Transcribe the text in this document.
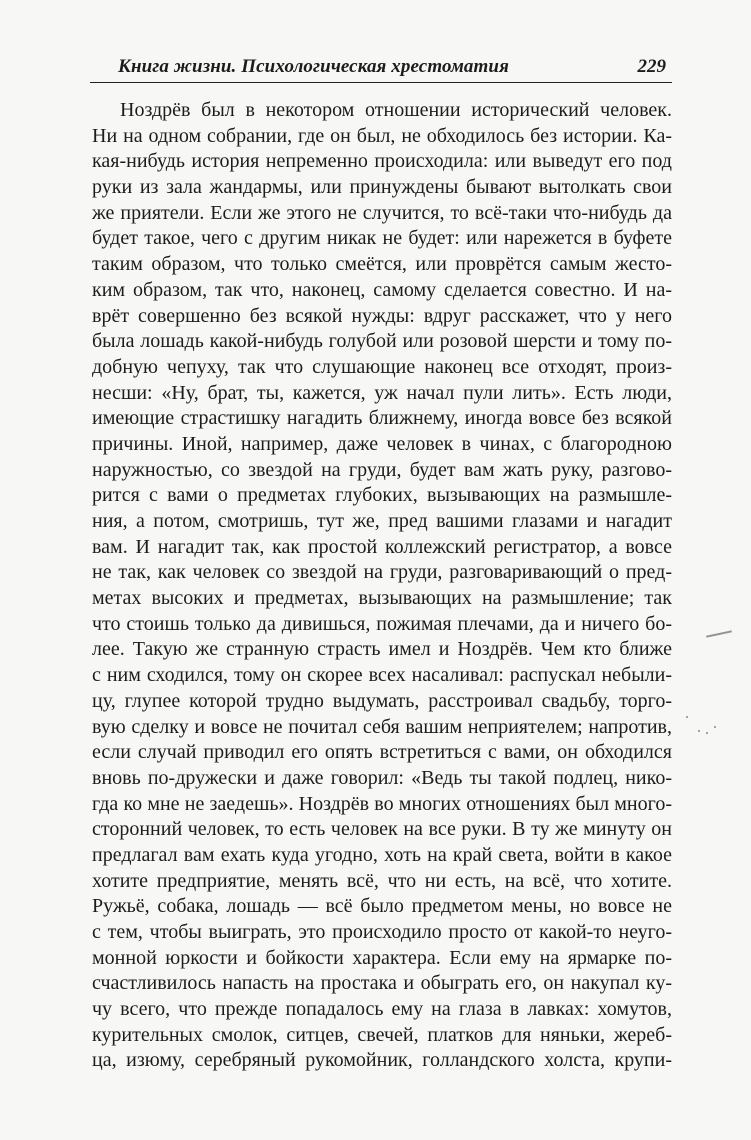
Книга жизни. Психологическая хрестоматия	229
Ноздрёв был в некотором отношении исторический человек.
Ни на одном собрании, где он был, не обходилось без истории. Ка-
кая-нибудь история непременно происходила: или выведут его под
руки из зала жандармы, или принуждены бывают вытолкать свои
же приятели. Если же этого не случится, то всё-таки что-нибудь да
будет такое, чего с другим никак не будет: или нарежется в буфете
таким образом, что только смеётся, или проврётся самым жесто-
ким образом, так что, наконец, самому сделается совестно. И на-
врёт совершенно без всякой нужды: вдруг расскажет, что у него
была лошадь какой-нибудь голубой или розовой шерсти и тому по-
добную чепуху, так что слушающие наконец все отходят, произ-
несши: «Ну, брат, ты, кажется, уж начал пули лить». Есть люди,
имеющие страстишку нагадить ближнему, иногда вовсе без всякой
причины. Иной, например, даже человек в чинах, с благородною
наружностью, со звездой на груди, будет вам жать руку, разгово-
рится с вами о предметах глубоких, вызывающих на размышле-
ния, а потом, смотришь, тут же, пред вашими глазами и нагадит
вам. И нагадит так, как простой коллежский регистратор, а вовсе
не так, как человек со звездой на груди, разговаривающий о пред-
метах высоких и предметах, вызывающих на размышление; так
что стоишь только да дивишься, пожимая плечами, да и ничего бо-
лее. Такую же странную страсть имел и Ноздрёв. Чем кто ближе
с ним сходился, тому он скорее всех насаливал: распускал небыли-
цу, глупее которой трудно выдумать, расстроивал свадьбу, торго-
вую сделку и вовсе не почитал себя вашим неприятелем; напротив,
если случай приводил его опять встретиться с вами, он обходился
вновь по-дружески и даже говорил: «Ведь ты такой подлец, нико-
гда ко мне не заедешь». Ноздрёв во многих отношениях был много-
сторонний человек, то есть человек на все руки. В ту же минуту он
предлагал вам ехать куда угодно, хоть на край света, войти в какое
хотите предприятие, менять всё, что ни есть, на всё, что хотите.
Ружьё, собака, лошадь — всё было предметом мены, но вовсе не
с тем, чтобы выиграть, это происходило просто от какой-то неуго-
монной юркости и бойкости характера. Если ему на ярмарке по-
счастливилось напасть на простака и обыграть его, он накупал ку-
чу всего, что прежде попадалось ему на глаза в лавках: хомутов,
курительных смолок, ситцев, свечей, платков для няньки, жереб-
ца, изюму, серебряный рукомойник, голландского холста, крупи-
